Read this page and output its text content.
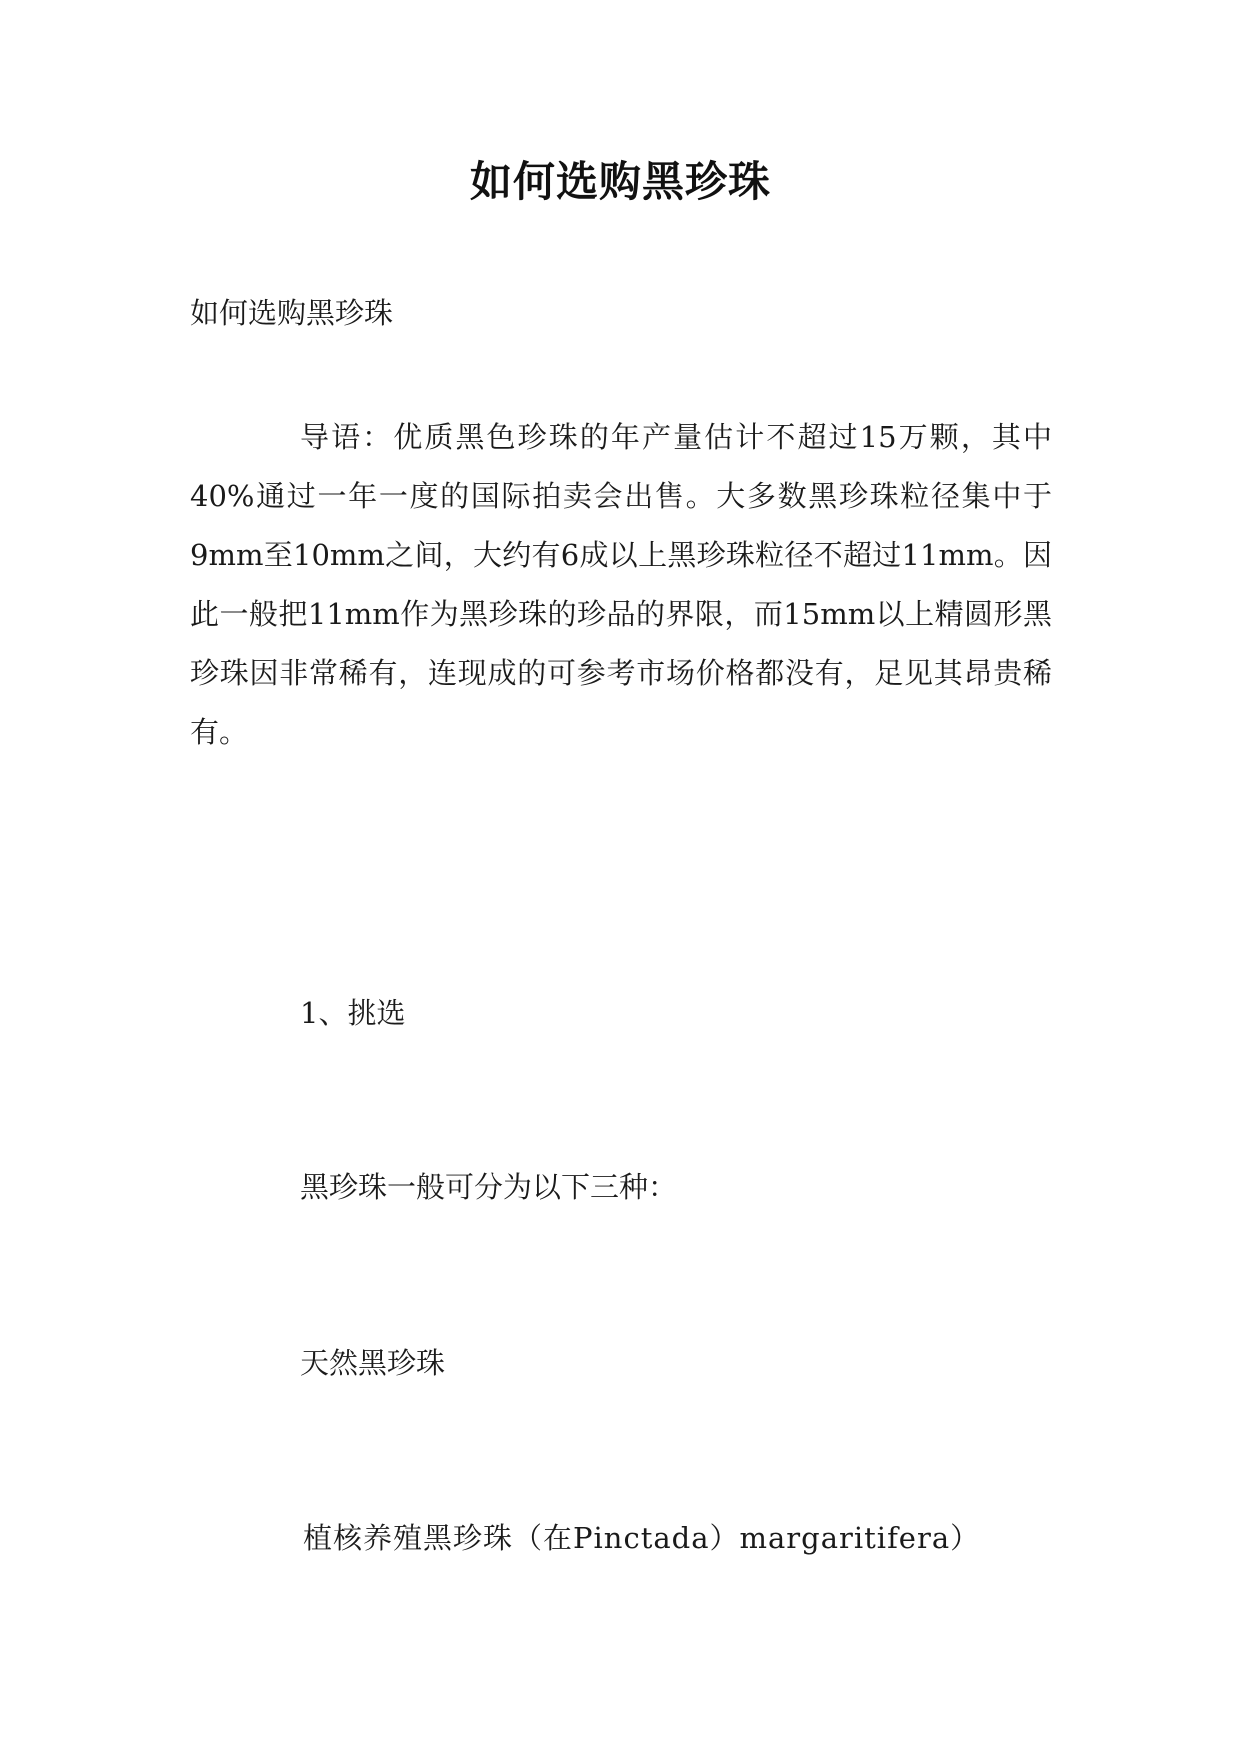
如何选购黑珍珠
如何选购黑珍珠

导语：优质黑色珍珠的年产量估计不超过15万颗，其中40%通过一年一度的国际拍卖会出售。大多数黑珍珠粒径集中于9mm至10mm之间，大约有6成以上黑珍珠粒径不超过11mm。因此一般把11mm作为黑珍珠的珍品的界限，而15mm以上精圆形黑珍珠因非常稀有，连现成的可参考市场价格都没有，足见其昂贵稀有。

1、挑选
黑珍珠一般可分为以下三种：
天然黑珍珠
植核养殖黑珍珠（在Pinctada）margaritifera）
